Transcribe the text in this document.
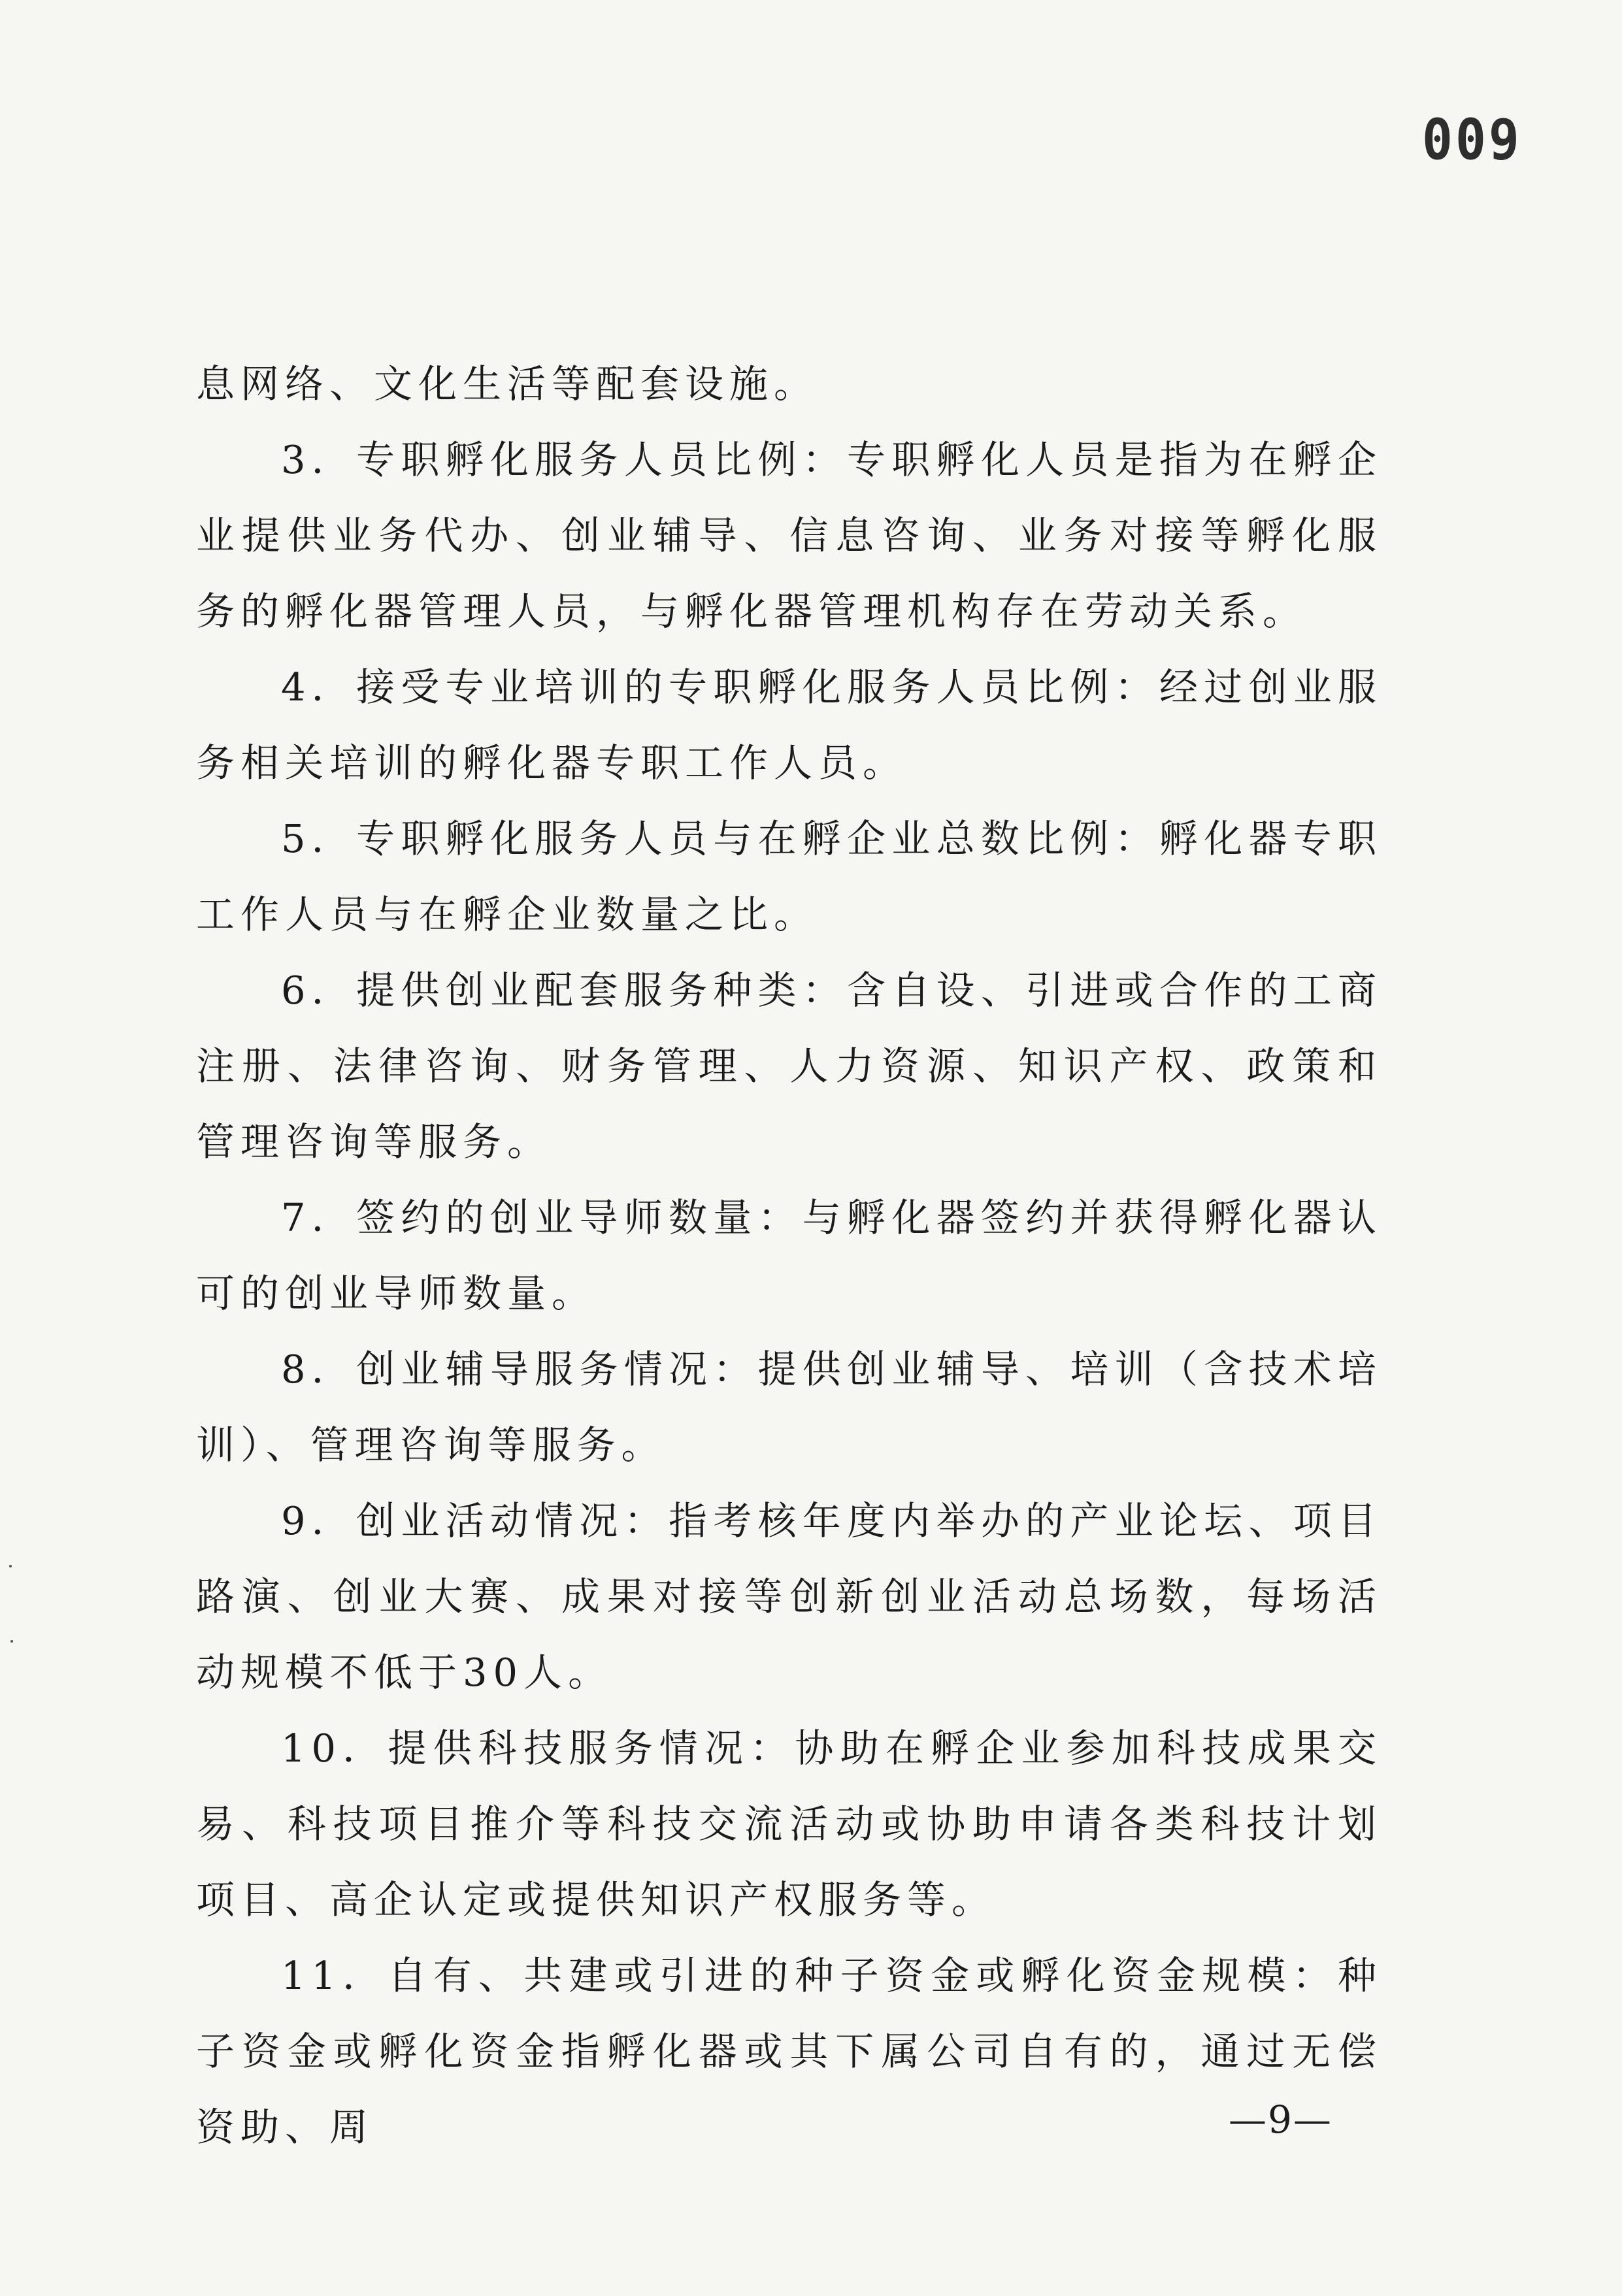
009

息网络、文化生活等配套设施。

3．专职孵化服务人员比例：专职孵化人员是指为在孵企业提供业务代办、创业辅导、信息咨询、业务对接等孵化服务的孵化器管理人员，与孵化器管理机构存在劳动关系。

4．接受专业培训的专职孵化服务人员比例：经过创业服务相关培训的孵化器专职工作人员。

5．专职孵化服务人员与在孵企业总数比例：孵化器专职工作人员与在孵企业数量之比。

6．提供创业配套服务种类：含自设、引进或合作的工商注册、法律咨询、财务管理、人力资源、知识产权、政策和管理咨询等服务。

7．签约的创业导师数量：与孵化器签约并获得孵化器认可的创业导师数量。

8．创业辅导服务情况：提供创业辅导、培训（含技术培训）、管理咨询等服务。

9．创业活动情况：指考核年度内举办的产业论坛、项目路演、创业大赛、成果对接等创新创业活动总场数，每场活动规模不低于30人。

10．提供科技服务情况：协助在孵企业参加科技成果交易、科技项目推介等科技交流活动或协助申请各类科技计划项目、高企认定或提供知识产权服务等。

11．自有、共建或引进的种子资金或孵化资金规模：种子资金或孵化资金指孵化器或其下属公司自有的，通过无偿资助、周	—9—
